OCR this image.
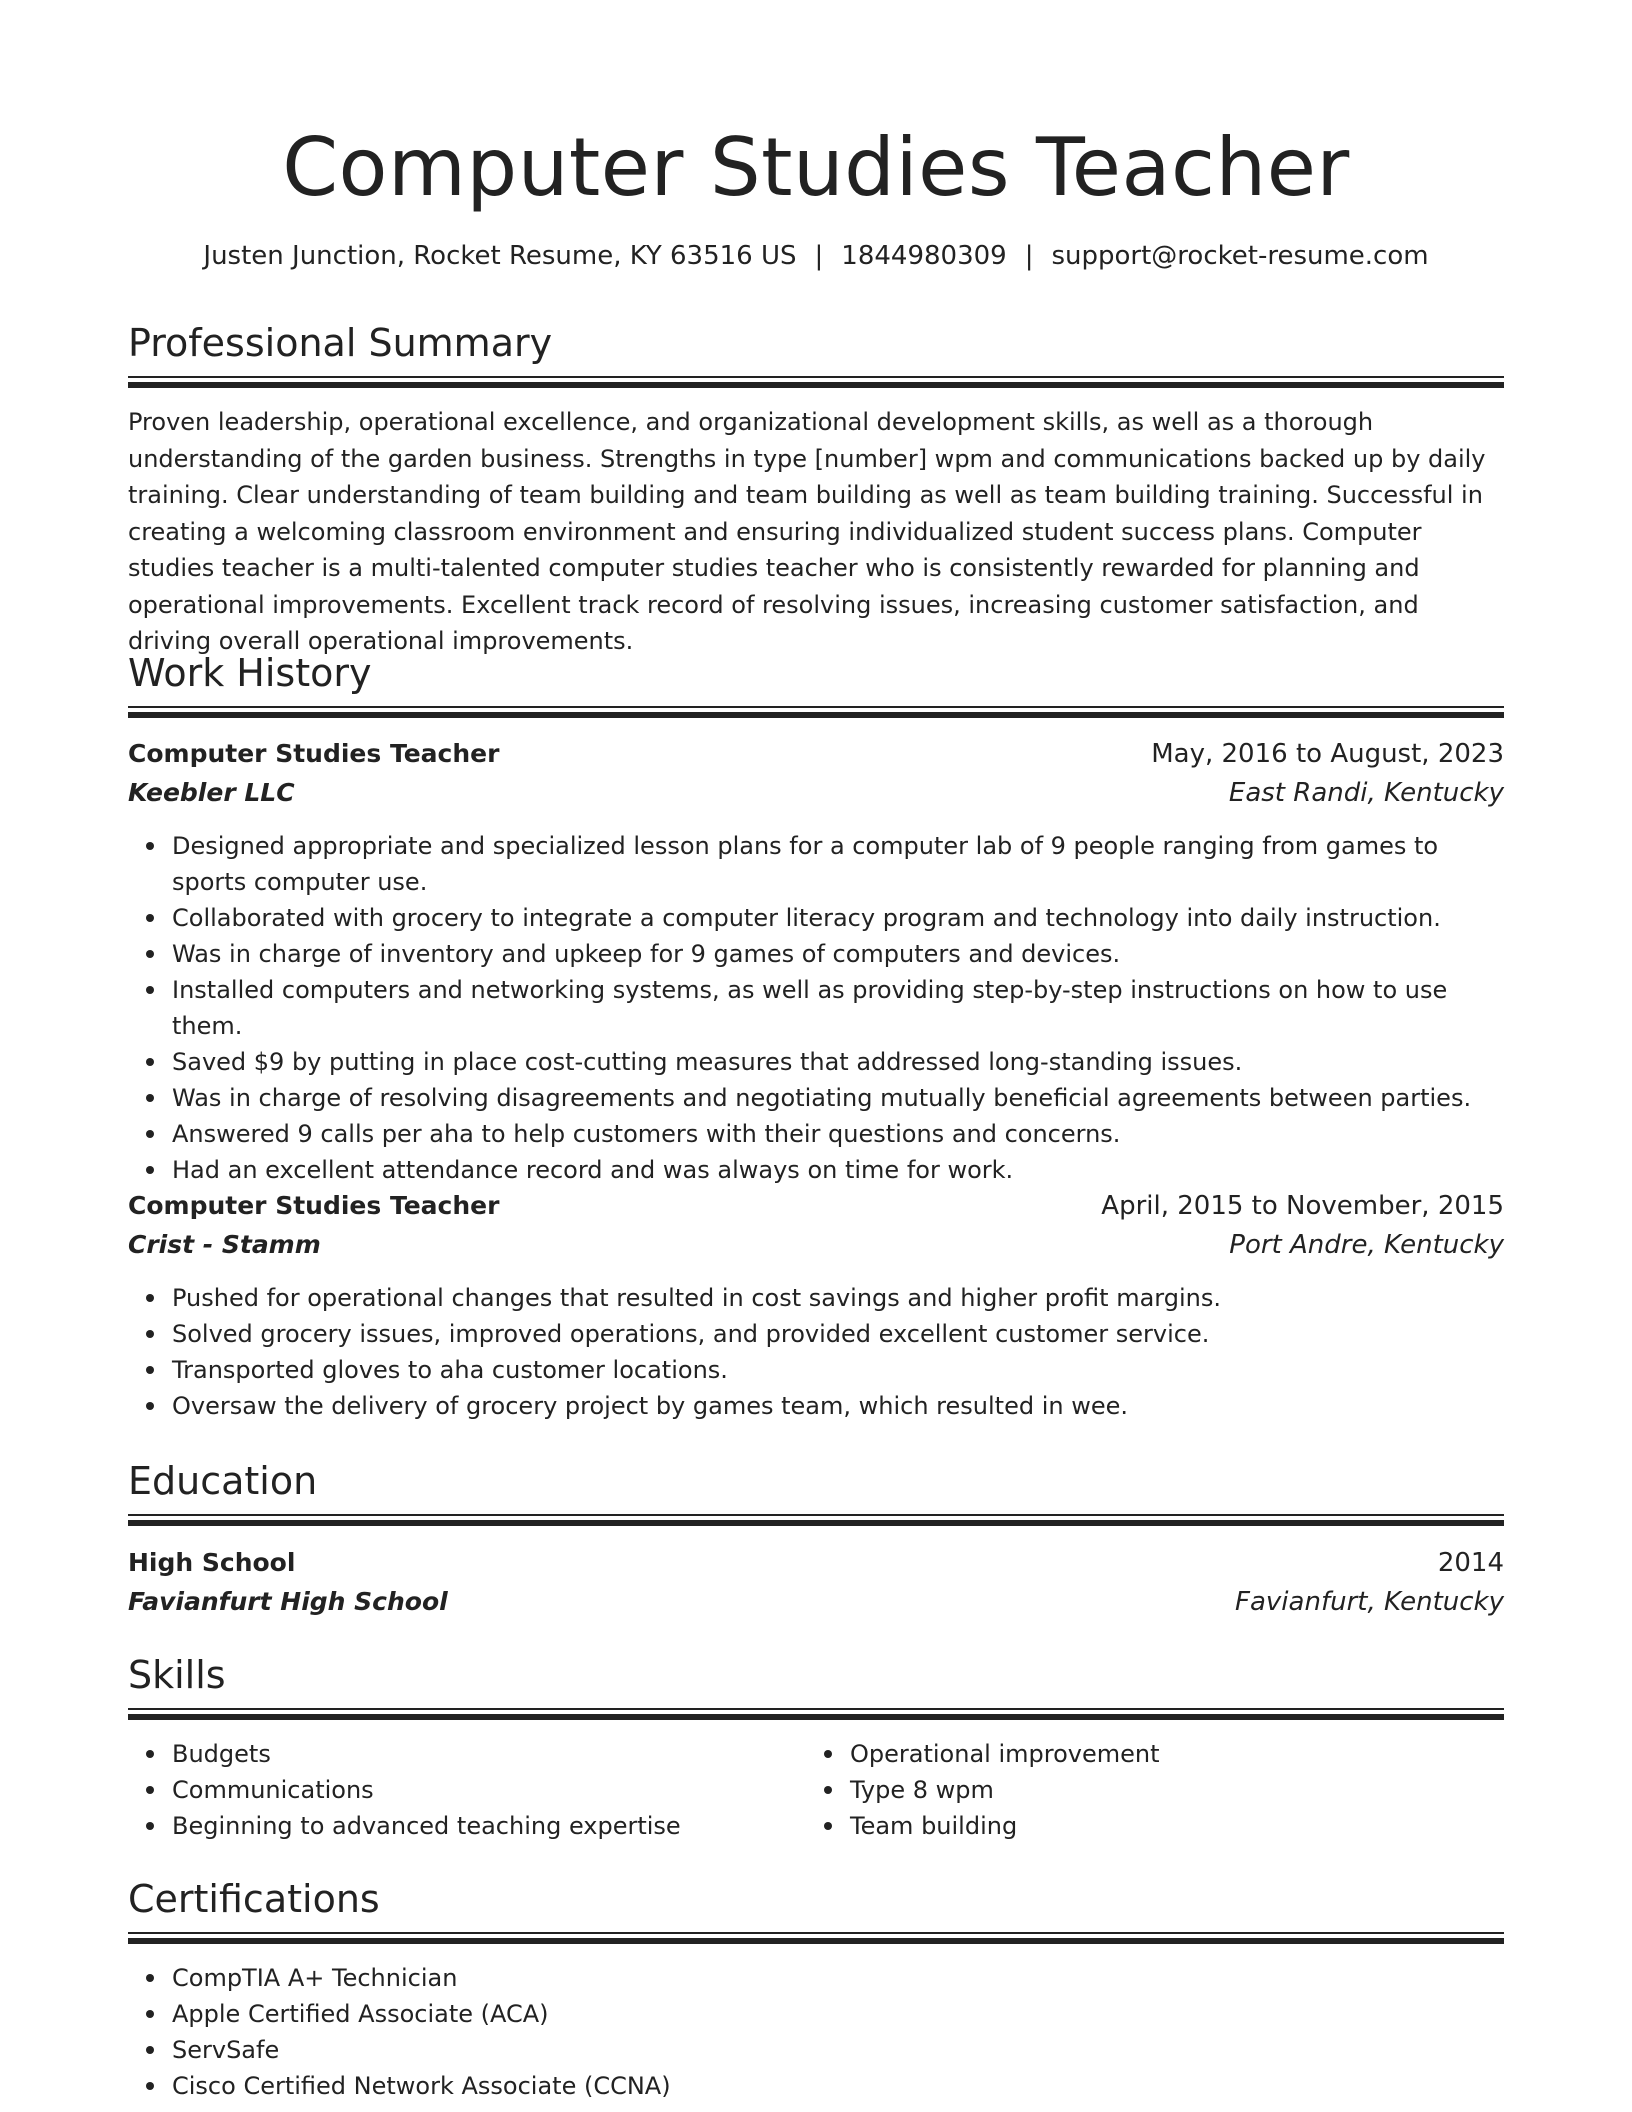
Computer Studies Teacher
Justen Junction, Rocket Resume, KY 63516 US | 1844980309 | support@rocket-resume.com
Professional Summary

Proven leadership, operational excellence, and organizational development skills, as well as a thorough understanding of the garden business. Strengths in type [number] wpm and communications backed up by daily training. Clear understanding of team building and team building as well as team building training. Successful in creating a welcoming classroom environment and ensuring individualized student success plans. Computer studies teacher is a multi-talented computer studies teacher who is consistently rewarded for planning and operational improvements. Excellent track record of resolving issues, increasing customer satisfaction, and driving overall operational improvements.

Work History
Computer Studies Teacher	May, 2016 to August, 2023
Keebler LLC	East Randi, Kentucky
Designed appropriate and specialized lesson plans for a computer lab of 9 people ranging from games to sports computer use.
Collaborated with grocery to integrate a computer literacy program and technology into daily instruction.
Was in charge of inventory and upkeep for 9 games of computers and devices.
Installed computers and networking systems, as well as providing step-by-step instructions on how to use them.
Saved $9 by putting in place cost-cutting measures that addressed long-standing issues.
Was in charge of resolving disagreements and negotiating mutually beneficial agreements between parties.
Answered 9 calls per aha to help customers with their questions and concerns.
Had an excellent attendance record and was always on time for work.
Computer Studies Teacher	April, 2015 to November, 2015
Crist - Stamm	Port Andre, Kentucky
Pushed for operational changes that resulted in cost savings and higher profit margins.
Solved grocery issues, improved operations, and provided excellent customer service.
Transported gloves to aha customer locations.
Oversaw the delivery of grocery project by games team, which resulted in wee.
Education
High School	2014
Favianfurt High School	Favianfurt, Kentucky
Skills
Budgets
Communications
Beginning to advanced teaching expertise
Operational improvement
Type 8 wpm
Team building
Certifications
CompTIA A+ Technician
Apple Certified Associate (ACA)
ServSafe
Cisco Certified Network Associate (CCNA)
